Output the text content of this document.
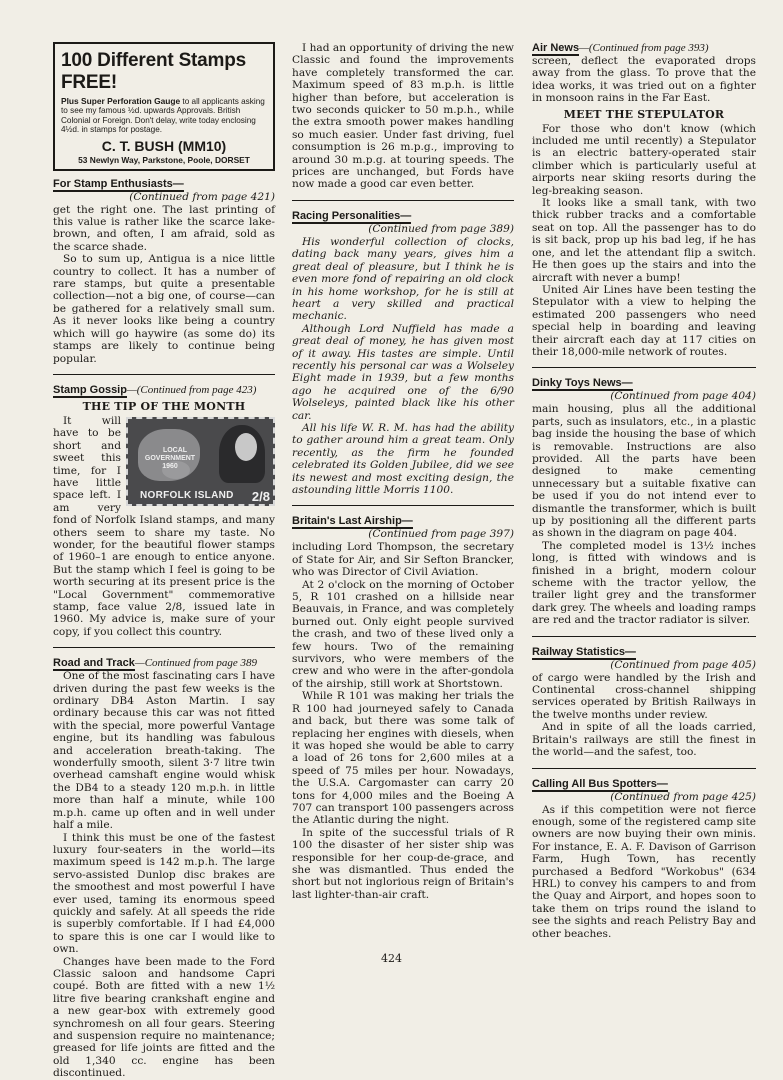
100 Different Stamps FREE!
Plus Super Perforation Gauge to all applicants asking to see my famous ½d. upwards Approvals. British Colonial or Foreign. Don't delay, write today enclosing 4½d. in stamps for postage.
C. T. BUSH (MM10)
53 Newlyn Way, Parkstone, Poole, DORSET
For Stamp Enthusiasts—
(Continued from page 421)

get the right one. The last printing of this value is rather like the scarce lake-brown, and often, I am afraid, sold as the scarce shade.

So to sum up, Antigua is a nice little country to collect. It has a number of rare stamps, but quite a presentable collection—not a big one, of course—can be gathered for a relatively small sum. As it never looks like being a country which will go haywire (as some do) its stamps are likely to continue being popular.

Stamp Gossip—(Continued from page 423)
THE TIP OF THE MONTH

LOCAL GOVERNMENT 1960
NORFOLK ISLAND	2/8
It will have to be short and sweet this time, for I have little space left. I am very fond of Norfolk Island stamps, and many others seem to share my taste. No wonder, for the beautiful flower stamps of 1960–1 are enough to entice anyone. But the stamp which I feel is going to be worth securing at its present price is the "Local Government" commemorative stamp, face value 2/8, issued late in 1960. My advice is, make sure of your copy, if you collect this country.

Road and Track—Continued from page 389

One of the most fascinating cars I have driven during the past few weeks is the ordinary DB4 Aston Martin. I say ordinary because this car was not fitted with the special, more powerful Vantage engine, but its handling was fabulous and acceleration breath-taking. The wonderfully smooth, silent 3·7 litre twin overhead camshaft engine would whisk the DB4 to a steady 120 m.p.h. in little more than half a minute, while 100 m.p.h. came up often and in well under half a mile.

I think this must be one of the fastest luxury four-seaters in the world—its maximum speed is 142 m.p.h. The large servo-assisted Dunlop disc brakes are the smoothest and most powerful I have ever used, taming its enormous speed quickly and safely. At all speeds the ride is superbly comfortable. If I had £4,000 to spare this is one car I would like to own.

Changes have been made to the Ford Classic saloon and handsome Capri coupé. Both are fitted with a new 1½ litre five bearing crankshaft engine and a new gear-box with extremely good synchromesh on all four gears. Steering and suspension require no maintenance; greased for life joints are fitted and the old 1,340 cc. engine has been discontinued.

I had an opportunity of driving the new Classic and found the improvements have completely transformed the car. Maximum speed of 83 m.p.h. is little higher than before, but acceleration is two seconds quicker to 50 m.p.h., while the extra smooth power makes handling so much easier. Under fast driving, fuel consumption is 26 m.p.g., improving to around 30 m.p.g. at touring speeds. The prices are unchanged, but Fords have now made a good car even better.

Racing Personalities—
(Continued from page 389)

His wonderful collection of clocks, dating back many years, gives him a great deal of pleasure, but I think he is even more fond of repairing an old clock in his home workshop, for he is still at heart a very skilled and practical mechanic.

Although Lord Nuffield has made a great deal of money, he has given most of it away. His tastes are simple. Until recently his personal car was a Wolseley Eight made in 1939, but a few months ago he acquired one of the 6/90 Wolseleys, painted black like his other car.

All his life W. R. M. has had the ability to gather around him a great team. Only recently, as the firm he founded celebrated its Golden Jubilee, did we see its newest and most exciting design, the astounding little Morris 1100.

Britain's Last Airship—
(Continued from page 397)

including Lord Thompson, the secretary of State for Air, and Sir Sefton Brancker, who was Director of Civil Aviation.

At 2 o'clock on the morning of October 5, R 101 crashed on a hillside near Beauvais, in France, and was completely burned out. Only eight people survived the crash, and two of these lived only a few hours. Two of the remaining survivors, who were members of the crew and who were in the after-gondola of the airship, still work at Shortstown.

While R 101 was making her trials the R 100 had journeyed safely to Canada and back, but there was some talk of replacing her engines with diesels, when it was hoped she would be able to carry a load of 26 tons for 2,600 miles at a speed of 75 miles per hour. Nowadays, the U.S.A. Cargomaster can carry 20 tons for 4,000 miles and the Boeing A 707 can transport 100 passengers across the Atlantic during the night.

In spite of the successful trials of R 100 the disaster of her sister ship was responsible for her coup-de-grace, and she was dismantled. Thus ended the short but not inglorious reign of Britain's last lighter-than-air craft.

Air News—(Continued from page 393)

screen, deflect the evaporated drops away from the glass. To prove that the idea works, it was tried out on a fighter in monsoon rains in the Far East.

MEET THE STEPULATOR

For those who don't know (which included me until recently) a Stepulator is an electric battery-operated stair climber which is particularly useful at airports near skiing resorts during the leg-breaking season.

It looks like a small tank, with two thick rubber tracks and a comfortable seat on top. All the passenger has to do is sit back, prop up his bad leg, if he has one, and let the attendant flip a switch. He then goes up the stairs and into the aircraft with never a bump!

United Air Lines have been testing the Stepulator with a view to helping the estimated 200 passengers who need special help in boarding and leaving their aircraft each day at 117 cities on their 18,000-mile network of routes.

Dinky Toys News—
(Continued from page 404)

main housing, plus all the additional parts, such as insulators, etc., in a plastic bag inside the housing the base of which is removable. Instructions are also provided. All the parts have been designed to make cementing unnecessary but a suitable fixative can be used if you do not intend ever to dismantle the transformer, which is built up by positioning all the different parts as shown in the diagram on page 404.

The completed model is 13½ inches long, is fitted with windows and is finished in a bright, modern colour scheme with the tractor yellow, the trailer light grey and the transformer dark grey. The wheels and loading ramps are red and the tractor radiator is silver.

Railway Statistics—
(Continued from page 405)

of cargo were handled by the Irish and Continental cross-channel shipping services operated by British Railways in the twelve months under review.

And in spite of all the loads carried, Britain's railways are still the finest in the world—and the safest, too.

Calling All Bus Spotters—
(Continued from page 425)

As if this competition were not fierce enough, some of the registered camp site owners are now buying their own minis. For instance, E. A. F. Davison of Garrison Farm, Hugh Town, has recently purchased a Bedford "Workobus" (634 HRL) to convey his campers to and from the Quay and Airport, and hopes soon to take them on trips round the island to see the sights and reach Pelistry Bay and other beaches.

424
